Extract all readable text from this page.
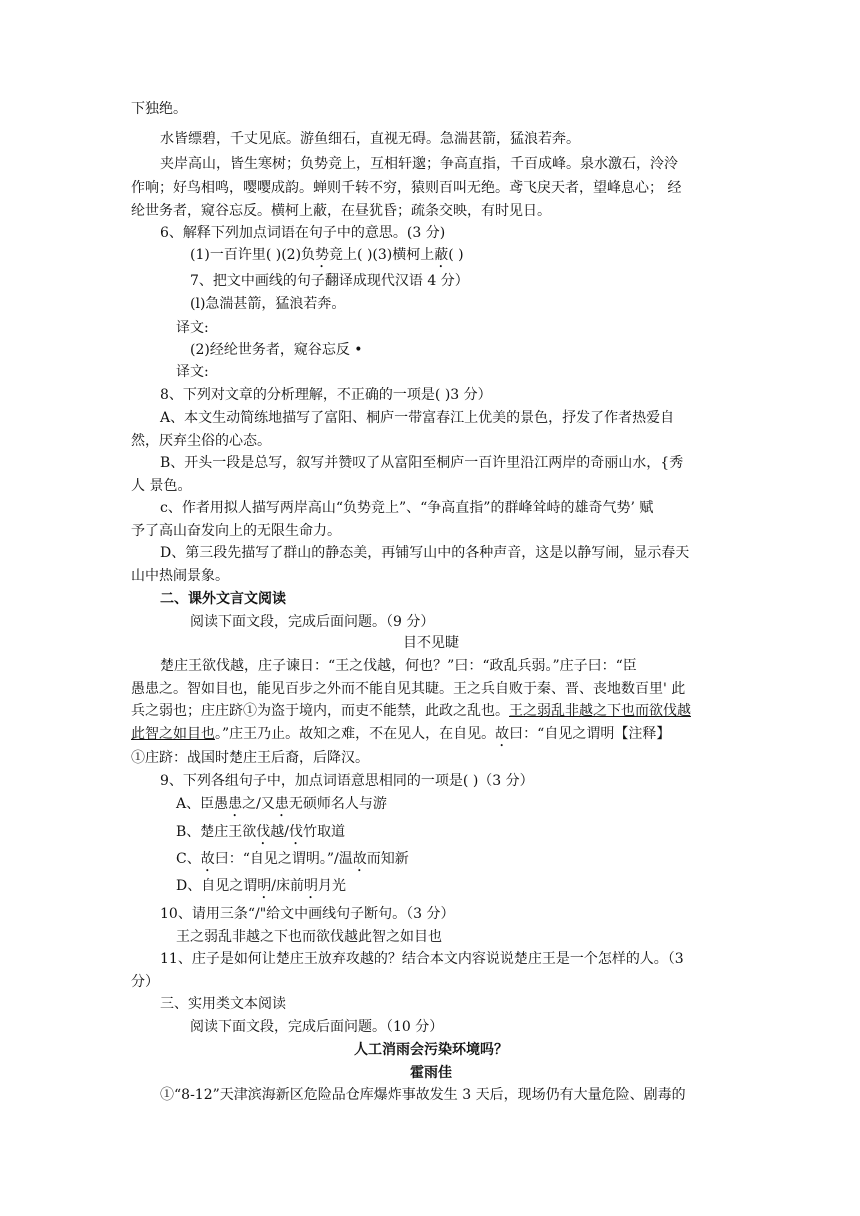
下独绝。
水皆缥碧，千丈见底。游鱼细石，直视无碍。急湍甚箭，猛浪若奔。
夹岸高山，皆生寒树；负势竞上，互相轩邈；争高直指，千百成峰。泉水激石，泠泠
作响；好鸟相鸣，嘤嘤成韵。蝉则千转不穷，猿则百叫无绝。鸢飞戾天者，望峰息心； 经
纶世务者，窥谷忘反。横柯上蔽，在昼犹昏；疏条交映，有时见日。
6、解释下列加点词语在句子中的意思。(3 分)
(1)一百许里( )(2)负势竞上( )(3)横柯上蔽( )
7、把文中画线的句子翻译成现代汉语 4 分）
(l)急湍甚箭，猛浪若奔。
译文:
(2)经纶世务者，窥谷忘反 •
译文:
8、下列对文章的分析理解，不正确的一项是( )3 分）
A、本文生动简练地描写了富阳、桐庐一带富春江上优美的景色，抒发了作者热爱自
然，厌弃尘俗的心态。
B、开头一段是总写，叙写并赞叹了从富阳至桐庐一百许里沿江两岸的奇丽山水，{秀
人 景色。
c、作者用拟人描写两岸高山“负势竞上”、“争高直指”的群峰耸峙的雄奇气势’ 赋
予了高山奋发向上的无限生命力。
D、第三段先描写了群山的静态美，再铺写山中的各种声音，这是以静写闹，显示春天
山中热闹景象。
二、课外文言文阅读
阅读下面文段，完成后面问题。（9 分）
目不见睫
楚庄王欲伐越，庄子谏日：“王之伐越，何也？”曰：“政乱兵弱。”庄子曰：“臣
愚患之。智如目也，能见百步之外而不能自见其睫。王之兵自败于秦、晋、丧地数百里' 此
兵之弱也；庄庄跻①为盗于境内，而吏不能禁，此政之乱也。王之弱乱非越之下也而欲伐越
此智之如目也。”庄王乃止。故知之难，不在见人，在自见。故曰：“自见之谓明【注释】
①庄跻：战国时楚庄王后裔，后降汉。
9、下列各组句子中，加点词语意思相同的一项是( )（3 分）
A、臣愚患之/又患无硕师名人与游
B、楚庄王欲伐越/伐竹取道
C、故曰：“自见之谓明。”/温故而知新
D、自见之谓明/床前明月光
10、请用三条“/"给文中画线句子断句。（3 分）
王之弱乱非越之下也而欲伐越此智之如目也
11、庄子是如何让楚庄王放弃攻越的？结合本文内容说说楚庄王是一个怎样的人。（3
分）
三、实用类文本阅读
阅读下面文段，完成后面问题。（10 分）
人工消雨会污染环境吗？
霍雨佳
①“8-12”天津滨海新区危险品仓库爆炸事故发生 3 天后，现场仍有大量危险、剧毒的
